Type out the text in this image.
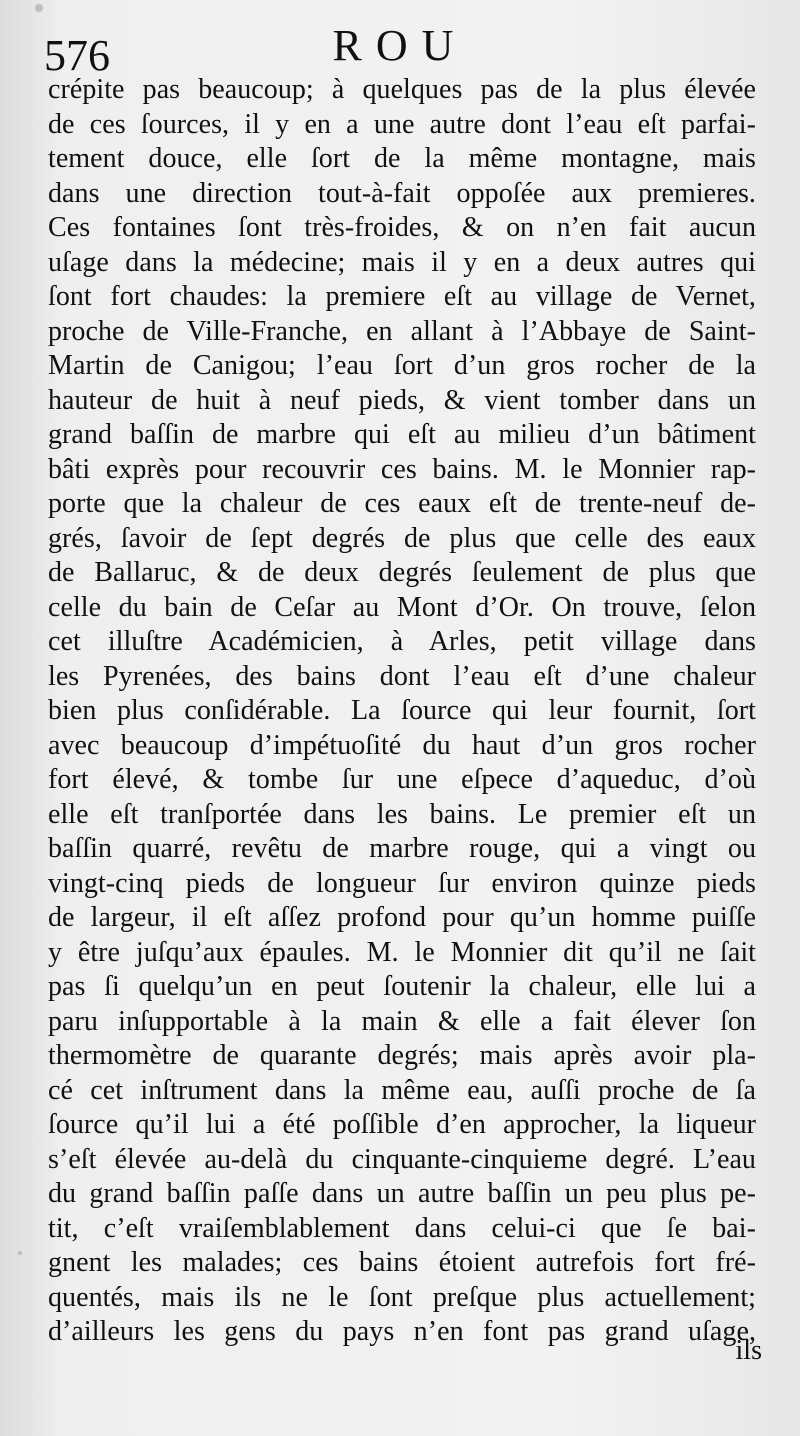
576	ROU
crépite pas beaucoup; à quelques pas de la plus élevée
de ces ſources, il y en a une autre dont l’eau eſt parfai-
tement douce, elle ſort de la même montagne, mais
dans une direction tout-à-fait oppoſée aux premieres.
Ces fontaines ſont très-froides, & on n’en fait aucun
uſage dans la médecine; mais il y en a deux autres qui
ſont fort chaudes: la premiere eſt au village de Vernet,
proche de Ville-Franche, en allant à l’Abbaye de Saint-
Martin de Canigou; l’eau ſort d’un gros rocher de la
hauteur de huit à neuf pieds, & vient tomber dans un
grand baſſin de marbre qui eſt au milieu d’un bâtiment
bâti exprès pour recouvrir ces bains. M. le Monnier rap-
porte que la chaleur de ces eaux eſt de trente-neuf de-
grés, ſavoir de ſept degrés de plus que celle des eaux
de Ballaruc, & de deux degrés ſeulement de plus que
celle du bain de Ceſar au Mont d’Or. On trouve, ſelon
cet illuſtre Académicien, à Arles, petit village dans
les Pyrenées, des bains dont l’eau eſt d’une chaleur
bien plus conſidérable. La ſource qui leur fournit, ſort
avec beaucoup d’impétuoſité du haut d’un gros rocher
fort élevé, & tombe ſur une eſpece d’aqueduc, d’où
elle eſt tranſportée dans les bains. Le premier eſt un
baſſin quarré, revêtu de marbre rouge, qui a vingt ou
vingt-cinq pieds de longueur ſur environ quinze pieds
de largeur, il eſt aſſez profond pour qu’un homme puiſſe
y être juſqu’aux épaules. M. le Monnier dit qu’il ne ſait
pas ſi quelqu’un en peut ſoutenir la chaleur, elle lui a
paru inſupportable à la main & elle a fait élever ſon
thermomètre de quarante degrés; mais après avoir pla-
cé cet inſtrument dans la même eau, auſſi proche de ſa
ſource qu’il lui a été poſſible d’en approcher, la liqueur
s’eſt élevée au-delà du cinquante-cinquieme degré. L’eau
du grand baſſin paſſe dans un autre baſſin un peu plus pe-
tit, c’eſt vraiſemblablement dans celui-ci que ſe bai-
gnent les malades; ces bains étoient autrefois fort fré-
quentés, mais ils ne le ſont preſque plus actuellement;
d’ailleurs les gens du pays n’en font pas grand uſage,
ils
